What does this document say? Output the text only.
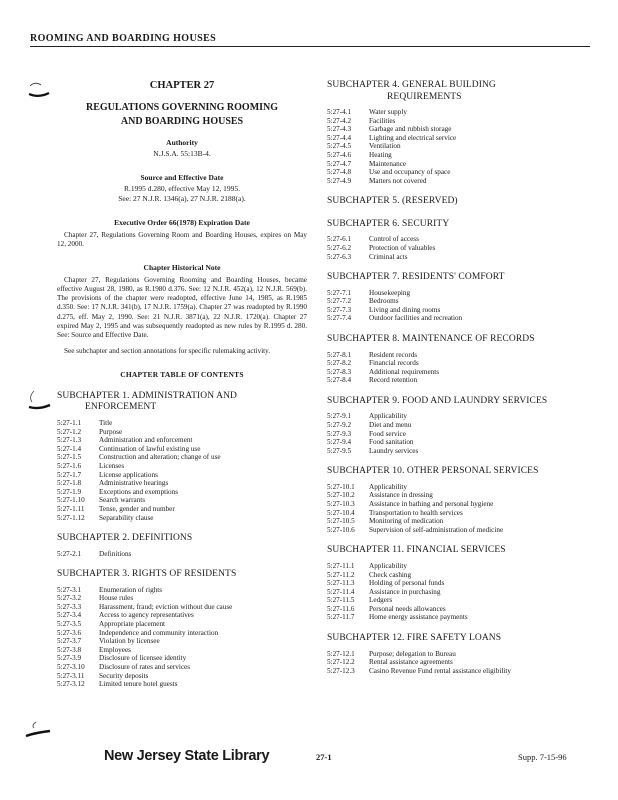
ROOMING AND BOARDING HOUSES
CHAPTER 27
REGULATIONS GOVERNING ROOMING
AND BOARDING HOUSES
Authority
N.J.S.A. 55:13B-4.
Source and Effective Date
R.1995 d.280, effective May 12, 1995.
See: 27 N.J.R. 1346(a), 27 N.J.R. 2188(a).
Executive Order 66(1978) Expiration Date
Chapter 27, Regulations Governing Room and Boarding Houses, expires on May 12, 2000.
Chapter Historical Note
Chapter 27, Regulations Governing Rooming and Boarding Houses, became effective August 28, 1980, as R.1980 d.376. See: 12 N.J.R. 452(a), 12 N.J.R. 569(b). The provisions of the chapter were readopted, effective June 14, 1985, as R.1985 d.350. See: 17 N.J.R. 341(b), 17 N.J.R. 1759(a). Chapter 27 was readopted by R.1990 d.275, eff. May 2, 1990. See: 21 N.J.R. 3871(a), 22 N.J.R. 1720(a). Chapter 27 expired May 2, 1995 and was subsequently readopted as new rules by R.1995 d. 280. See: Source and Effective Date.
See subchapter and section annotations for specific rulemaking activity.
CHAPTER TABLE OF CONTENTS
SUBCHAPTER 1. ADMINISTRATION AND
ENFORCEMENT
5:27-1.1	Title
5:27-1.2	Purpose
5:27-1.3	Administration and enforcement
5:27-1.4	Continuation of lawful existing use
5:27-1.5	Construction and alteration; change of use
5:27-1.6	Licenses
5:27-1.7	License applications
5:27-1.8	Administrative hearings
5:27-1.9	Exceptions and exemptions
5:27-1.10	Search warrants
5:27-1.11	Tense, gender and number
5:27-1.12	Separability clause
SUBCHAPTER 2. DEFINITIONS
5:27-2.1	Definitions
SUBCHAPTER 3. RIGHTS OF RESIDENTS
5:27-3.1	Enumeration of rights
5:27-3.2	House rules
5:27-3.3	Harassment, fraud; eviction without due cause
5:27-3.4	Access to agency representatives
5:27-3.5	Appropriate placement
5:27-3.6	Independence and community interaction
5:27-3.7	Violation by licensee
5:27-3.8	Employees
5:27-3.9	Disclosure of licensee identity
5:27-3.10	Disclosure of rates and services
5:27-3.11	Security deposits
5:27-3.12	Limited tenure hotel guests
SUBCHAPTER 4. GENERAL BUILDING
REQUIREMENTS
5:27-4.1	Water supply
5:27-4.2	Facilities
5:27-4.3	Garbage and rubbish storage
5:27-4.4	Lighting and electrical service
5:27-4.5	Ventilation
5:27-4.6	Heating
5:27-4.7	Maintenance
5:27-4.8	Use and occupancy of space
5:27-4.9	Matters not covered
SUBCHAPTER 5. (RESERVED)
SUBCHAPTER 6. SECURITY
5:27-6.1	Control of access
5:27-6.2	Protection of valuables
5:27-6.3	Criminal acts
SUBCHAPTER 7. RESIDENTS' COMFORT
5:27-7.1	Housekeeping
5:27-7.2	Bedrooms
5:27-7.3	Living and dining rooms
5:27-7.4	Outdoor facilities and recreation
SUBCHAPTER 8. MAINTENANCE OF RECORDS
5:27-8.1	Resident records
5:27-8.2	Financial records
5:27-8.3	Additional requirements
5:27-8.4	Record retention
SUBCHAPTER 9. FOOD AND LAUNDRY SERVICES
5:27-9.1	Applicability
5:27-9.2	Diet and menu
5:27-9.3	Food service
5:27-9.4	Food sanitation
5:27-9.5	Laundry services
SUBCHAPTER 10. OTHER PERSONAL SERVICES
5:27-10.1	Applicability
5:27-10.2	Assistance in dressing
5:27-10.3	Assistance in bathing and personal hygiene
5:27-10.4	Transportation to health services
5:27-10.5	Monitoring of medication
5:27-10.6	Supervision of self-administration of medicine
SUBCHAPTER 11. FINANCIAL SERVICES
5:27-11.1	Applicability
5:27-11.2	Check cashing
5:27-11.3	Holding of personal funds
5:27-11.4	Assistance in purchasing
5:27-11.5	Ledgers
5:27-11.6	Personal needs allowances
5:27-11.7	Home energy assistance payments
SUBCHAPTER 12. FIRE SAFETY LOANS
5:27-12.1	Purpose; delegation to Bureau
5:27-12.2	Rental assistance agreements
5:27-12.3	Casino Revenue Fund rental assistance eligibility
New Jersey State Library	27-1	Supp. 7-15-96
